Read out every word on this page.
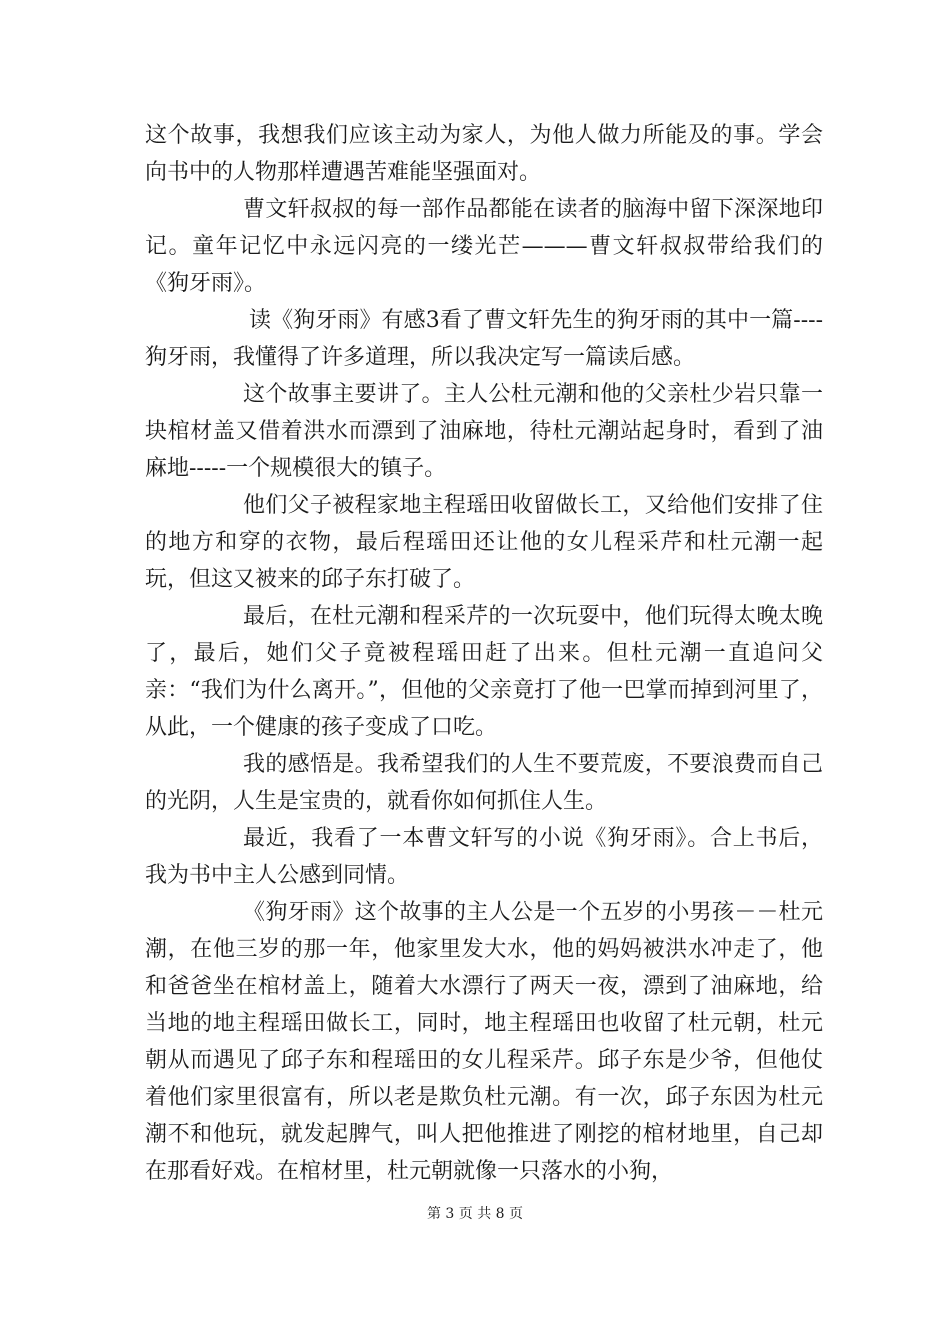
这个故事，我想我们应该主动为家人，为他人做力所能及的事。学会向书中的人物那样遭遇苦难能坚强面对。

曹文轩叔叔的每一部作品都能在读者的脑海中留下深深地印记。童年记忆中永远闪亮的一缕光芒———曹文轩叔叔带给我们的《狗牙雨》。

读《狗牙雨》有感3看了曹文轩先生的狗牙雨的其中一篇----狗牙雨，我懂得了许多道理，所以我决定写一篇读后感。

这个故事主要讲了。主人公杜元潮和他的父亲杜少岩只靠一块棺材盖又借着洪水而漂到了油麻地，待杜元潮站起身时，看到了油麻地-----一个规模很大的镇子。

他们父子被程家地主程瑶田收留做长工，又给他们安排了住的地方和穿的衣物，最后程瑶田还让他的女儿程采芹和杜元潮一起玩，但这又被来的邱子东打破了。

最后，在杜元潮和程采芹的一次玩耍中，他们玩得太晚太晚了，最后，她们父子竟被程瑶田赶了出来。但杜元潮一直追问父亲：“我们为什么离开。”，但他的父亲竟打了他一巴掌而掉到河里了，从此，一个健康的孩子变成了口吃。

我的感悟是。我希望我们的人生不要荒废，不要浪费而自己的光阴，人生是宝贵的，就看你如何抓住人生。

最近，我看了一本曹文轩写的小说《狗牙雨》。合上书后，我为书中主人公感到同情。

《狗牙雨》这个故事的主人公是一个五岁的小男孩－－杜元潮，在他三岁的那一年，他家里发大水，他的妈妈被洪水冲走了，他和爸爸坐在棺材盖上，随着大水漂行了两天一夜，漂到了油麻地，给当地的地主程瑶田做长工，同时，地主程瑶田也收留了杜元朝，杜元朝从而遇见了邱子东和程瑶田的女儿程采芹。邱子东是少爷，但他仗着他们家里很富有，所以老是欺负杜元潮。有一次，邱子东因为杜元潮不和他玩，就发起脾气，叫人把他推进了刚挖的棺材地里，自己却在那看好戏。在棺材里，杜元朝就像一只落水的小狗，

第 3 页 共 8 页
